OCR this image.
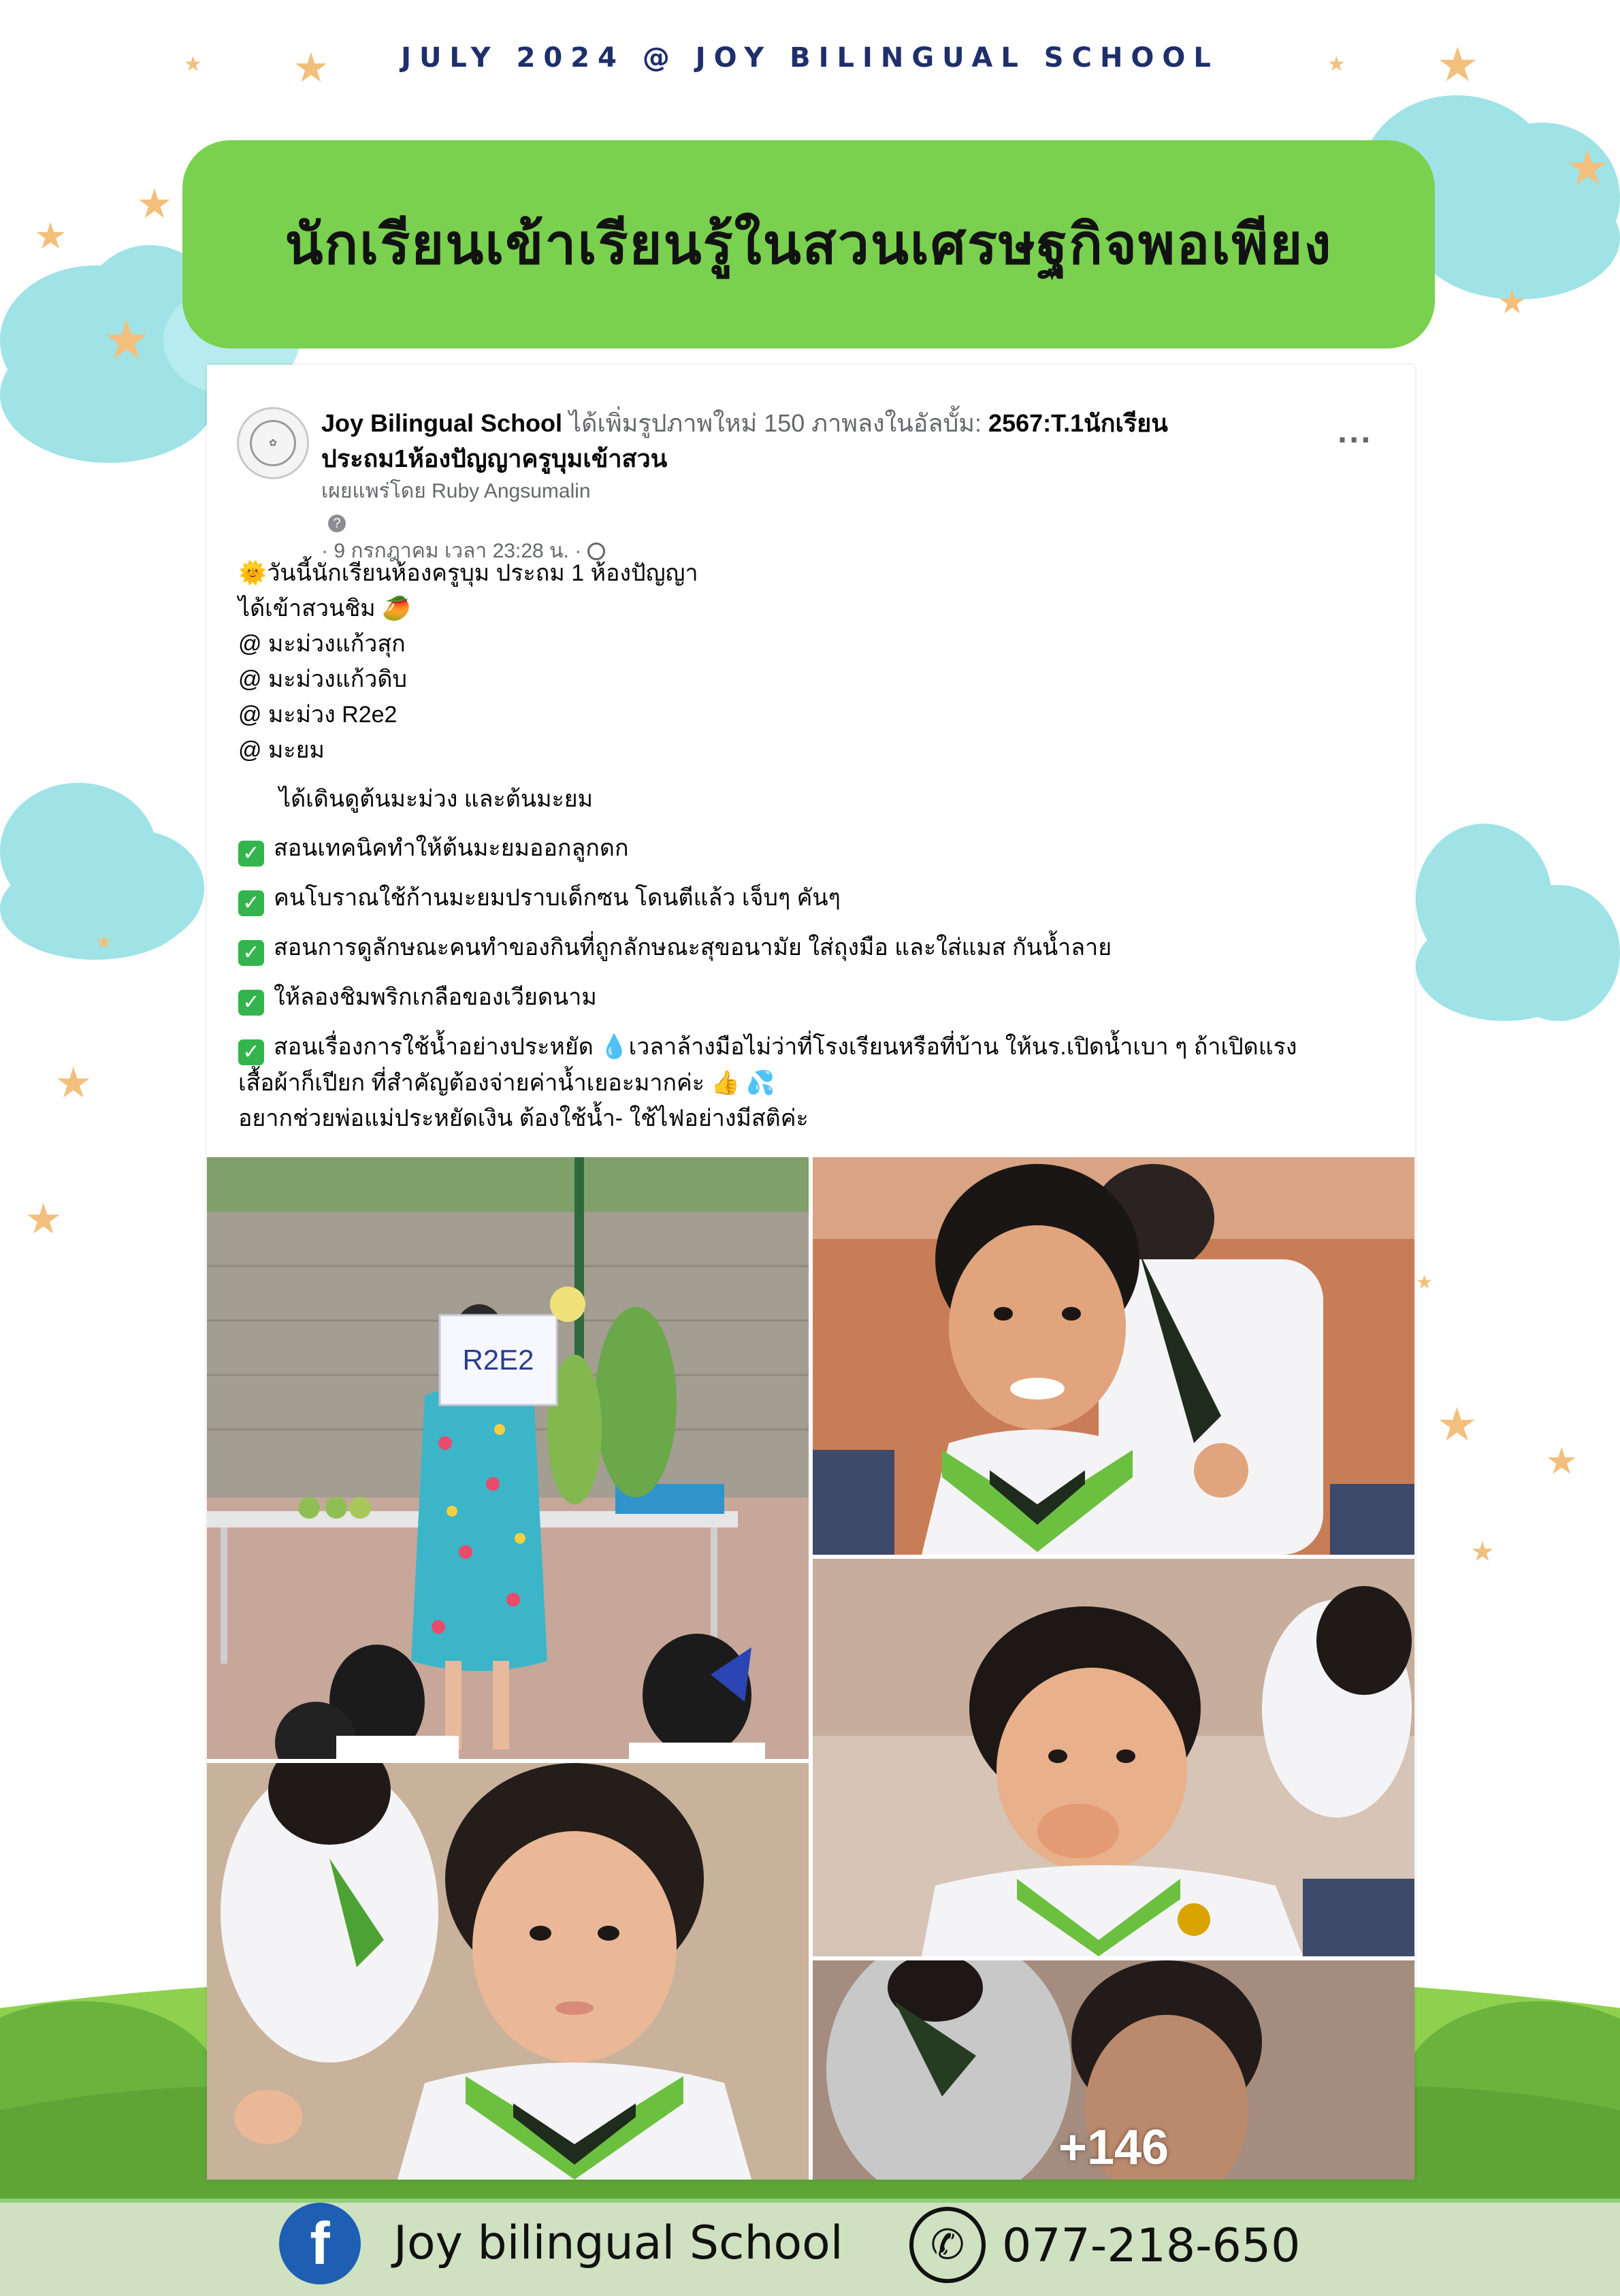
★
★
★
★
★
★ ★
★
★
★
★
★
★
★
★
★
JULY 2024 @ JOY BILINGUAL SCHOOL
นักเรียนเข้าเรียนรู้ในสวนเศรษฐกิจพอเพียง
✿
Joy Bilingual School ได้เพิ่มรูปภาพใหม่ 150 ภาพลงในอัลบั้ม: 2567:T.1นักเรียนประถม1ห้องปัญญาครูบุมเข้าสวน
เผยแพร่โดย Ruby Angsumalin
?
· 9 กรกฎาคม เวลา 23:28 น. ·
···
🌞วันนี้นักเรียนห้องครูบุม ประถม 1 ห้องปัญญา
ได้เข้าสวนชิม 🥭
@ มะม่วงแก้วสุก
@ มะม่วงแก้วดิบ
@ มะม่วง R2e2
@ มะยม
ได้เดินดูต้นมะม่วง และต้นมะยม
✓ สอนเทคนิคทำให้ต้นมะยมออกลูกดก
✓ คนโบราณใช้ก้านมะยมปราบเด็กซน โดนตีแล้ว เจ็บๆ คันๆ
✓ สอนการดูลักษณะคนทำของกินที่ถูกลักษณะสุขอนามัย ใส่ถุงมือ และใส่แมส กันน้ำลาย
✓ ให้ลองชิมพริกเกลือของเวียดนาม
✓ สอนเรื่องการใช้น้ำอย่างประหยัด 💧เวลาล้างมือไม่ว่าที่โรงเรียนหรือที่บ้าน ให้นร.เปิดน้ำเบา ๆ ถ้าเปิดแรง
เสื้อผ้าก็เปียก ที่สำคัญต้องจ่ายค่าน้ำเยอะมากค่ะ 👍 💦
อยากช่วยพ่อแม่ประหยัดเงิน ต้องใช้น้ำ- ใช้ไฟอย่างมีสติค่ะ
R2E2
+146
f	Joy bilingual School	✆ 077-218-650
